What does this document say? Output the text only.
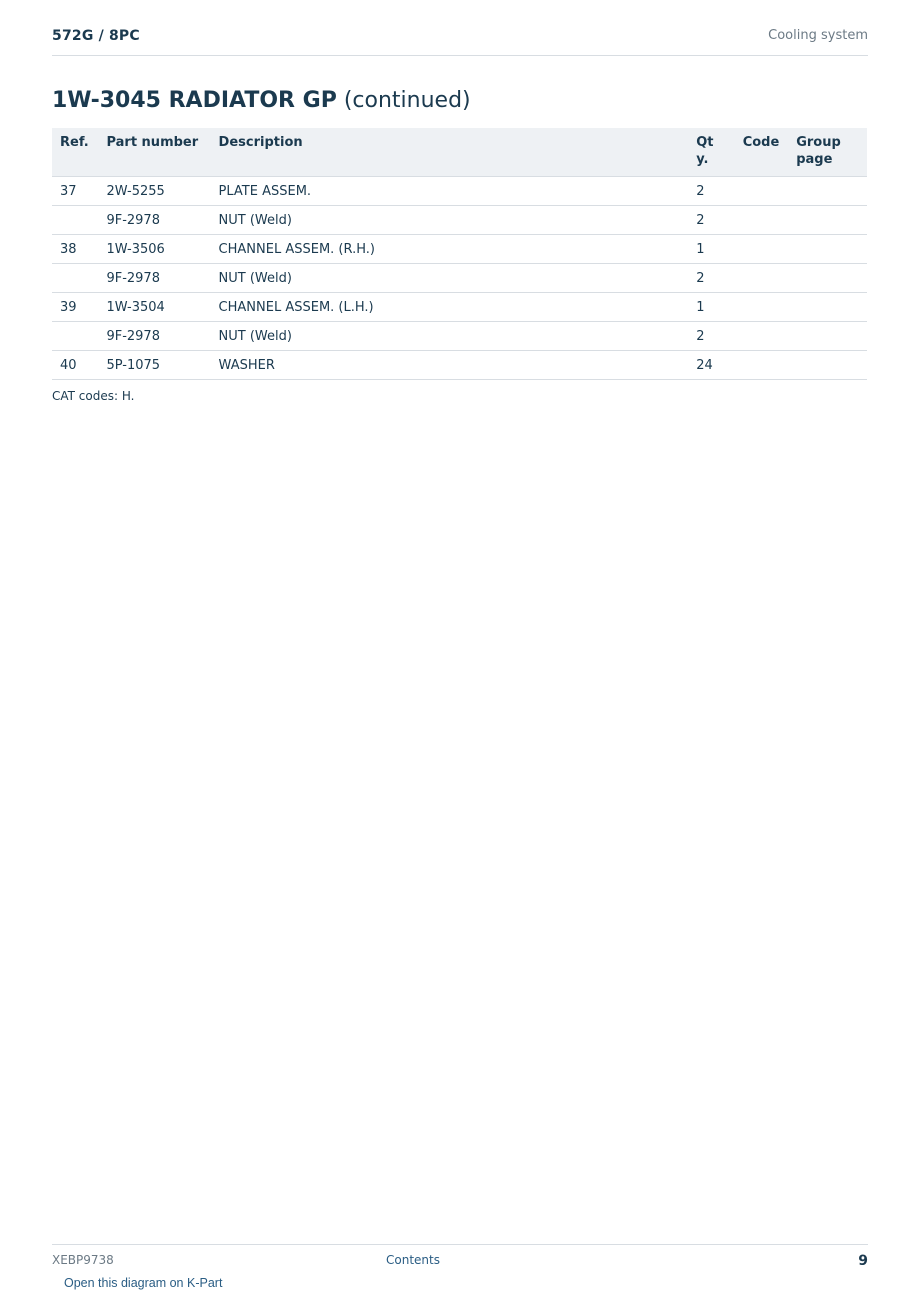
572G / 8PC	Cooling system
1W-3045 RADIATOR GP (continued)
Ref.	Part number	Description	Qty.	Code	Group page
37	2W-5255	PLATE ASSEM.	2		
	9F-2978	NUT (Weld)	2		
38	1W-3506	CHANNEL ASSEM. (R.H.)	1		
	9F-2978	NUT (Weld)	2		
39	1W-3504	CHANNEL ASSEM. (L.H.)	1		
	9F-2978	NUT (Weld)	2		
40	5P-1075	WASHER	24		
CAT codes: H.
XEBP9738	Contents	9
Open this diagram on K-Part
